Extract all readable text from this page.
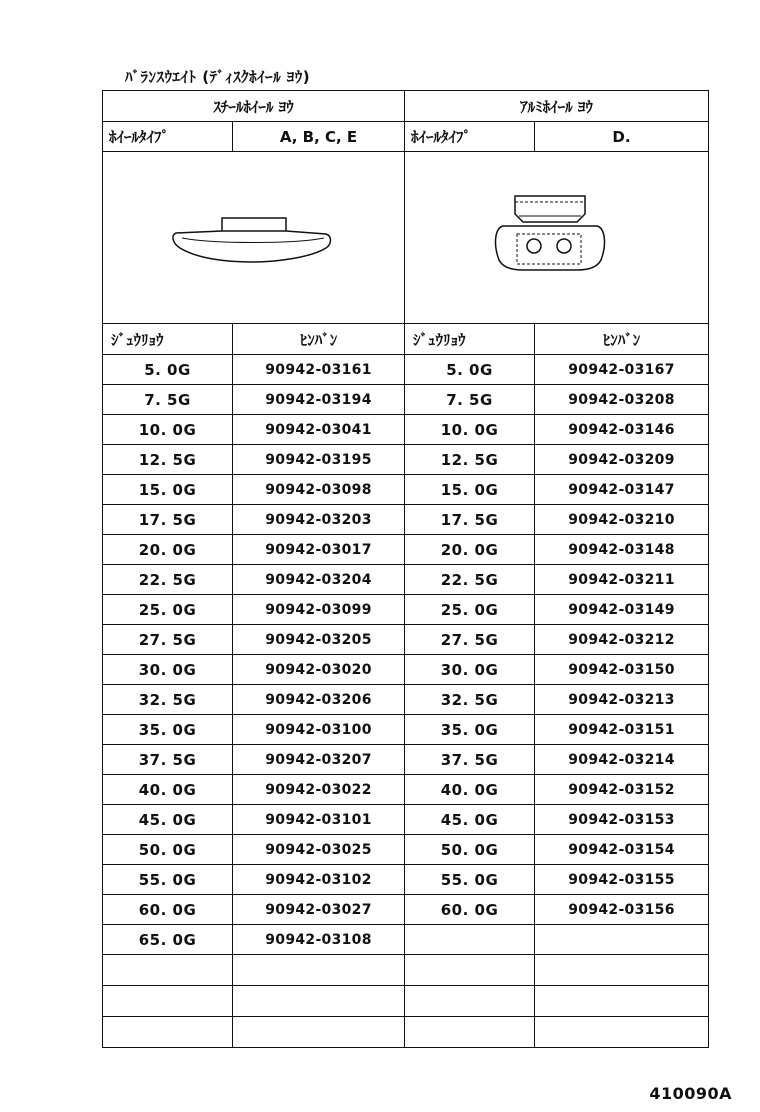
ﾊﾞﾗﾝｽｳｴｲﾄ (ﾃﾞｨｽｸﾎｲｰﾙ ﾖｳ)
ｽﾁｰﾙﾎｲｰﾙ ﾖｳ		ｱﾙﾐﾎｲｰﾙ ﾖｳ	
ﾎｲｰﾙﾀｲﾌﾟ	A, B, C, E	ﾎｲｰﾙﾀｲﾌﾟ	D.

ｼﾞｭｳﾘｮｳ	ﾋﾝﾊﾞﾝ	ｼﾞｭｳﾘｮｳ	ﾋﾝﾊﾞﾝ
5. 0G	90942-03161	5. 0G	90942-03167
7. 5G	90942-03194	7. 5G	90942-03208
10. 0G	90942-03041	10. 0G	90942-03146
12. 5G	90942-03195	12. 5G	90942-03209
15. 0G	90942-03098	15. 0G	90942-03147
17. 5G	90942-03203	17. 5G	90942-03210
20. 0G	90942-03017	20. 0G	90942-03148
22. 5G	90942-03204	22. 5G	90942-03211
25. 0G	90942-03099	25. 0G	90942-03149
27. 5G	90942-03205	27. 5G	90942-03212
30. 0G	90942-03020	30. 0G	90942-03150
32. 5G	90942-03206	32. 5G	90942-03213
35. 0G	90942-03100	35. 0G	90942-03151
37. 5G	90942-03207	37. 5G	90942-03214
40. 0G	90942-03022	40. 0G	90942-03152
45. 0G	90942-03101	45. 0G	90942-03153
50. 0G	90942-03025	50. 0G	90942-03154
55. 0G	90942-03102	55. 0G	90942-03155
60. 0G	90942-03027	60. 0G	90942-03156
65. 0G	90942-03108		

410090A
